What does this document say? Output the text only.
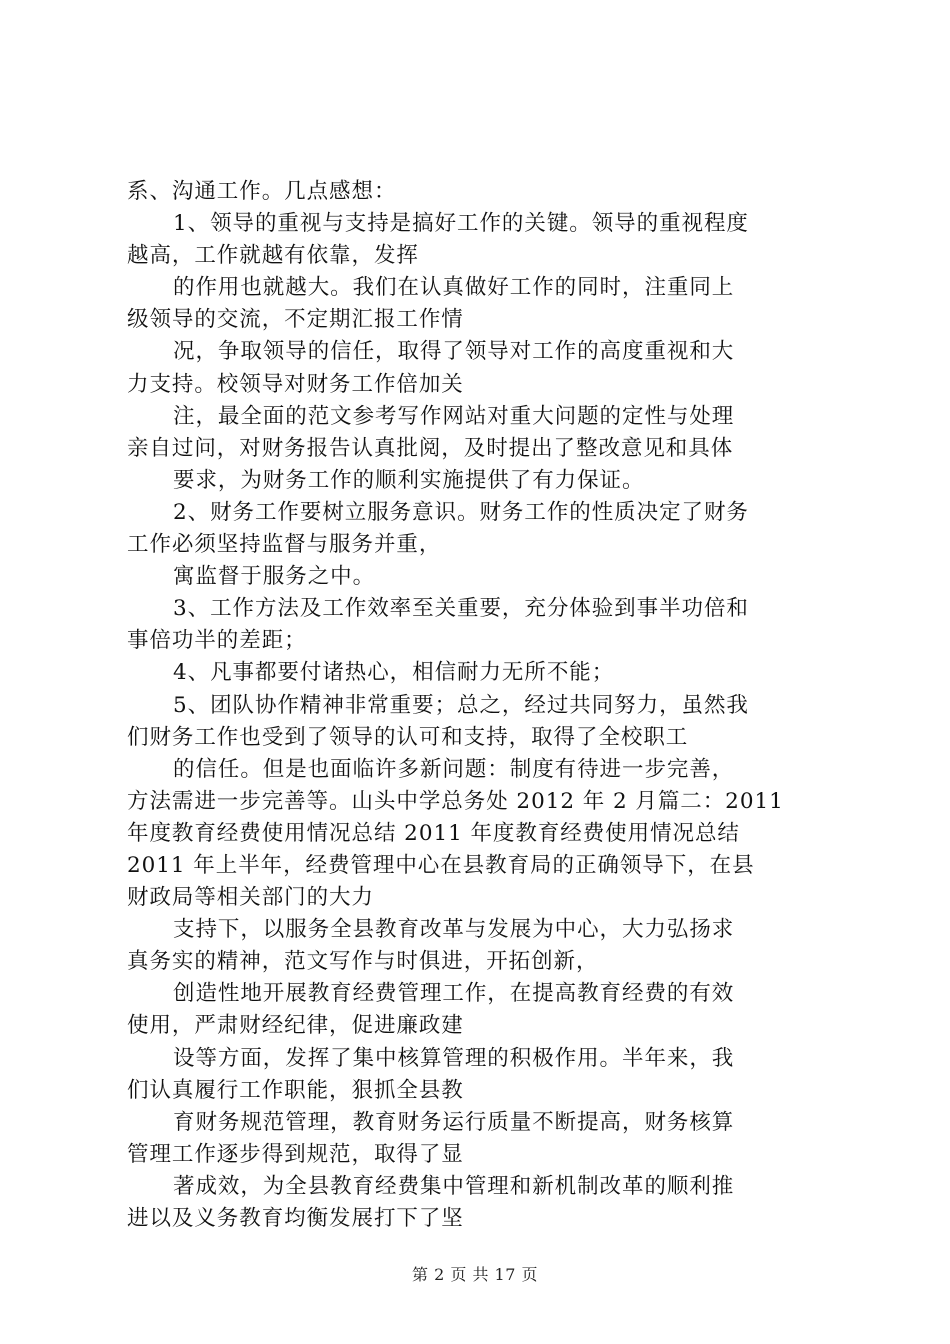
系、沟通工作。几点感想：
1、领导的重视与支持是搞好工作的关键。领导的重视程度
越高，工作就越有依靠，发挥
的作用也就越大。我们在认真做好工作的同时，注重同上
级领导的交流，不定期汇报工作情
况，争取领导的信任，取得了领导对工作的高度重视和大
力支持。校领导对财务工作倍加关
注，最全面的范文参考写作网站对重大问题的定性与处理
亲自过问，对财务报告认真批阅，及时提出了整改意见和具体
要求，为财务工作的顺利实施提供了有力保证。
2、财务工作要树立服务意识。财务工作的性质决定了财务
工作必须坚持监督与服务并重，
寓监督于服务之中。
3、工作方法及工作效率至关重要，充分体验到事半功倍和
事倍功半的差距；
4、凡事都要付诸热心，相信耐力无所不能；
5、团队协作精神非常重要；总之，经过共同努力，虽然我
们财务工作也受到了领导的认可和支持，取得了全校职工
的信任。但是也面临许多新问题：制度有待进一步完善，
方法需进一步完善等。山头中学总务处 2012 年 2 月篇二：2011
年度教育经费使用情况总结 2011 年度教育经费使用情况总结
2011 年上半年，经费管理中心在县教育局的正确领导下，在县
财政局等相关部门的大力
支持下，以服务全县教育改革与发展为中心，大力弘扬求
真务实的精神，范文写作与时俱进，开拓创新，
创造性地开展教育经费管理工作，在提高教育经费的有效
使用，严肃财经纪律，促进廉政建
设等方面，发挥了集中核算管理的积极作用。半年来，我
们认真履行工作职能，狠抓全县教
育财务规范管理，教育财务运行质量不断提高，财务核算
管理工作逐步得到规范，取得了显
著成效，为全县教育经费集中管理和新机制改革的顺利推
进以及义务教育均衡发展打下了坚
第 2 页 共 17 页
